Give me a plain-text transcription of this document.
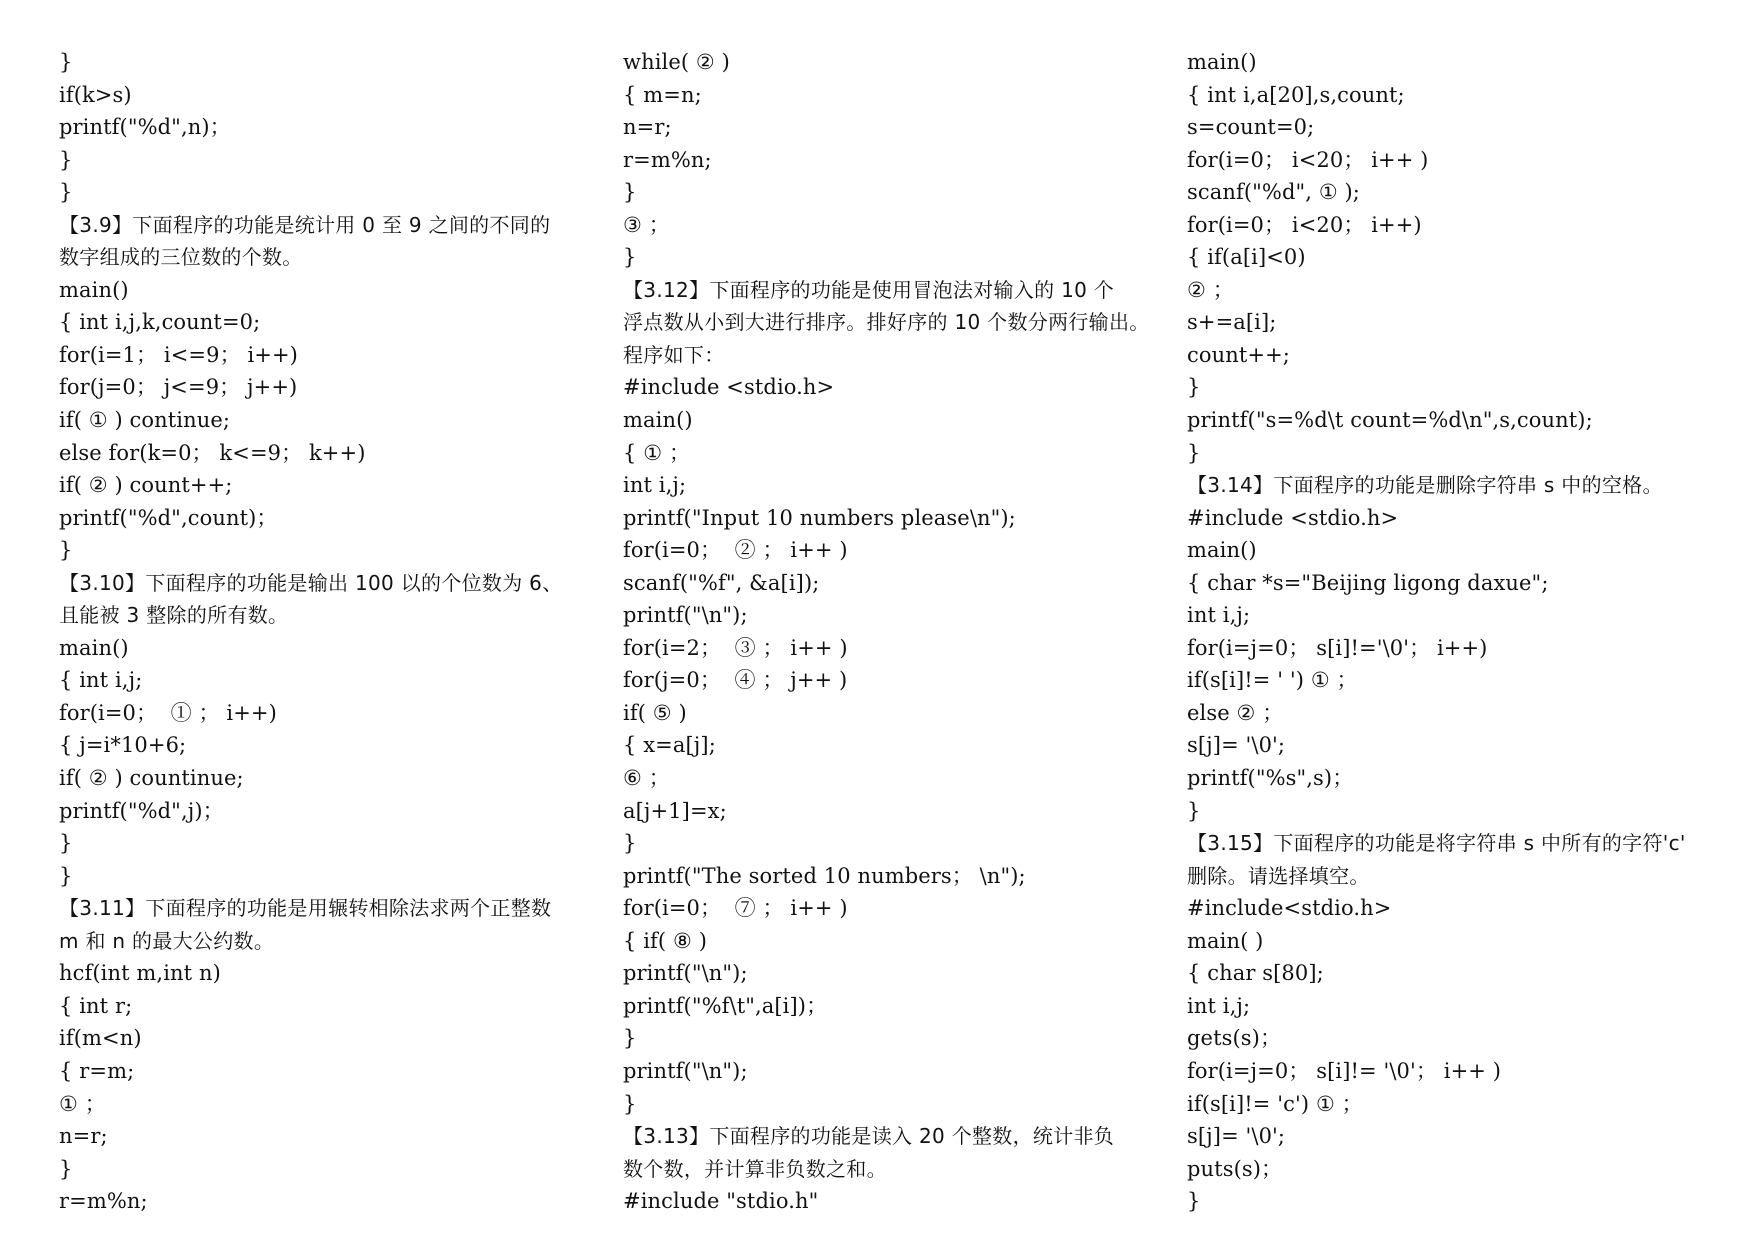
}
if(k>s)
printf("%d",n)；
}
}
【3.9】下面程序的功能是统计用 0 至 9 之间的不同的
数字组成的三位数的个数。
main()
{ int i,j,k,count=0;
for(i=1； i<=9； i++)
for(j=0； j<=9； j++)
if( ① ) continue;
else for(k=0； k<=9； k++)
if( ② ) count++;
printf("%d",count)；
}
【3.10】下面程序的功能是输出 100 以的个位数为 6、
且能被 3 整除的所有数。
main()
{ int i,j;
for(i=0；  ① ； i++)
{ j=i*10+6;
if( ② ) countinue;
printf("%d",j)；
}
}
【3.11】下面程序的功能是用辗转相除法求两个正整数
m 和 n 的最大公约数。
hcf(int m,int n)
{ int r;
if(m<n)
{ r=m;
① ；
n=r;
}
r=m%n;
while( ② )
{ m=n;
n=r;
r=m%n;
}
③ ；
}
【3.12】下面程序的功能是使用冒泡法对输入的 10 个
浮点数从小到大进行排序。排好序的 10 个数分两行输出。
程序如下：
#include <stdio.h>
main()
{ ① ；
int i,j;
printf("Input 10 numbers please\n");
for(i=0；  ② ； i++ )
scanf("%f", &a[i]);
printf("\n");
for(i=2；  ③ ； i++ )
for(j=0；  ④ ； j++ )
if( ⑤ )
{ x=a[j];
⑥ ；
a[j+1]=x;
}
printf("The sorted 10 numbers； \n");
for(i=0；  ⑦ ； i++ )
{ if( ⑧ )
printf("\n");
printf("%f\t",a[i])；
}
printf("\n");
}
【3.13】下面程序的功能是读入 20 个整数，统计非负
数个数，并计算非负数之和。
#include "stdio.h"
main()
{ int i,a[20],s,count;
s=count=0;
for(i=0； i<20； i++ )
scanf("%d", ① );
for(i=0； i<20； i++)
{ if(a[i]<0)
② ；
s+=a[i];
count++;
}
printf("s=%d\t count=%d\n",s,count);
}
【3.14】下面程序的功能是删除字符串 s 中的空格。
#include <stdio.h>
main()
{ char *s="Beijing ligong daxue";
int i,j;
for(i=j=0； s[i]!='\0'； i++)
if(s[i]!= ' ') ① ；
else ② ；
s[j]= '\0';
printf("%s",s)；
}
【3.15】下面程序的功能是将字符串 s 中所有的字符'c'
删除。请选择填空。
#include<stdio.h>
main( )
{ char s[80];
int i,j;
gets(s)；
for(i=j=0； s[i]!= '\0'； i++ )
if(s[i]!= 'c') ① ；
s[j]= '\0';
puts(s)；
}
